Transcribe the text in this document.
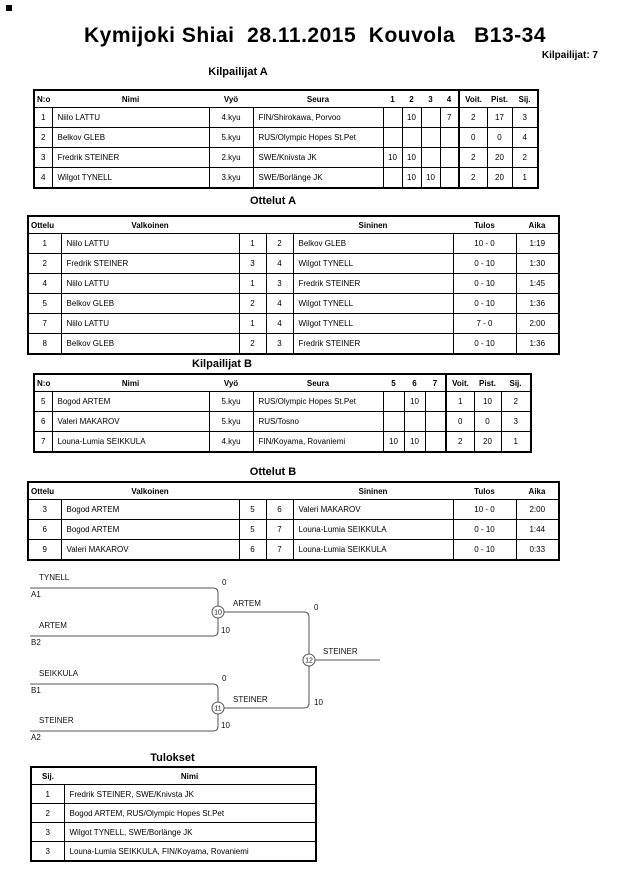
Kymijoki Shiai  28.11.2015  Kouvola   B13-34
Kilpailijat: 7
Kilpailijat A
N:o	Nimi	Vyö	Seura	1	2	3	4	Voit.	Pist.	Sij.
1	Niilo LATTU	4.kyu	FIN/Shirokawa, Porvoo		10		7	2	17	3
2	Belkov GLEB	5.kyu	RUS/Olympic Hopes St.Pet					0	0	4
3	Fredrik STEINER	2.kyu	SWE/Knivsta JK	10	10			2	20	2
4	Wilgot TYNELL	3.kyu	SWE/Borlänge JK		10	10		2	20	1
Ottelut A
Ottelu	Valkoinen			Sininen	Tulos	Aika
1	Niilo LATTU	1	2	Belkov GLEB	10 - 0	1:19
2	Fredrik STEINER	3	4	Wilgot TYNELL	0 - 10	1:30
4	Niilo LATTU	1	3	Fredrik STEINER	0 - 10	1:45
5	Belkov GLEB	2	4	Wilgot TYNELL	0 - 10	1:36
7	Niilo LATTU	1	4	Wilgot TYNELL	7 - 0	2:00
8	Belkov GLEB	2	3	Fredrik STEINER	0 - 10	1:36
Kilpailijat B
N:o	Nimi	Vyö	Seura	5	6	7	Voit.	Pist.	Sij.
5	Bogod ARTEM	5.kyu	RUS/Olympic Hopes St.Pet		10		1	10	2
6	Valeri MAKAROV	5.kyu	RUS/Tosno				0	0	3
7	Louna-Lumia SEIKKULA	4.kyu	FIN/Koyama, Rovaniemi	10	10		2	20	1
Ottelut B
Ottelu	Valkoinen			Sininen	Tulos	Aika
3	Bogod ARTEM	5	6	Valeri MAKAROV	10 - 0	2:00
6	Bogod ARTEM	5	7	Louna-Lumia SEIKKULA	0 - 10	1:44
9	Valeri MAKAROV	6	7	Louna-Lumia SEIKKULA	0 - 10	0:33
10
11
12
TYNELL
A1
0
ARTEM
B2
10
ARTEM	0
SEIKKULA
B1
0
STEINER
A2
10
STEINER	10
STEINER
Tulokset
Sij.	Nimi
1	Fredrik STEINER, SWE/Knivsta JK
2	Bogod ARTEM, RUS/Olympic Hopes St.Pet
3	Wilgot TYNELL, SWE/Borlänge JK
3	Louna-Lumia SEIKKULA, FIN/Koyama, Rovaniemi
